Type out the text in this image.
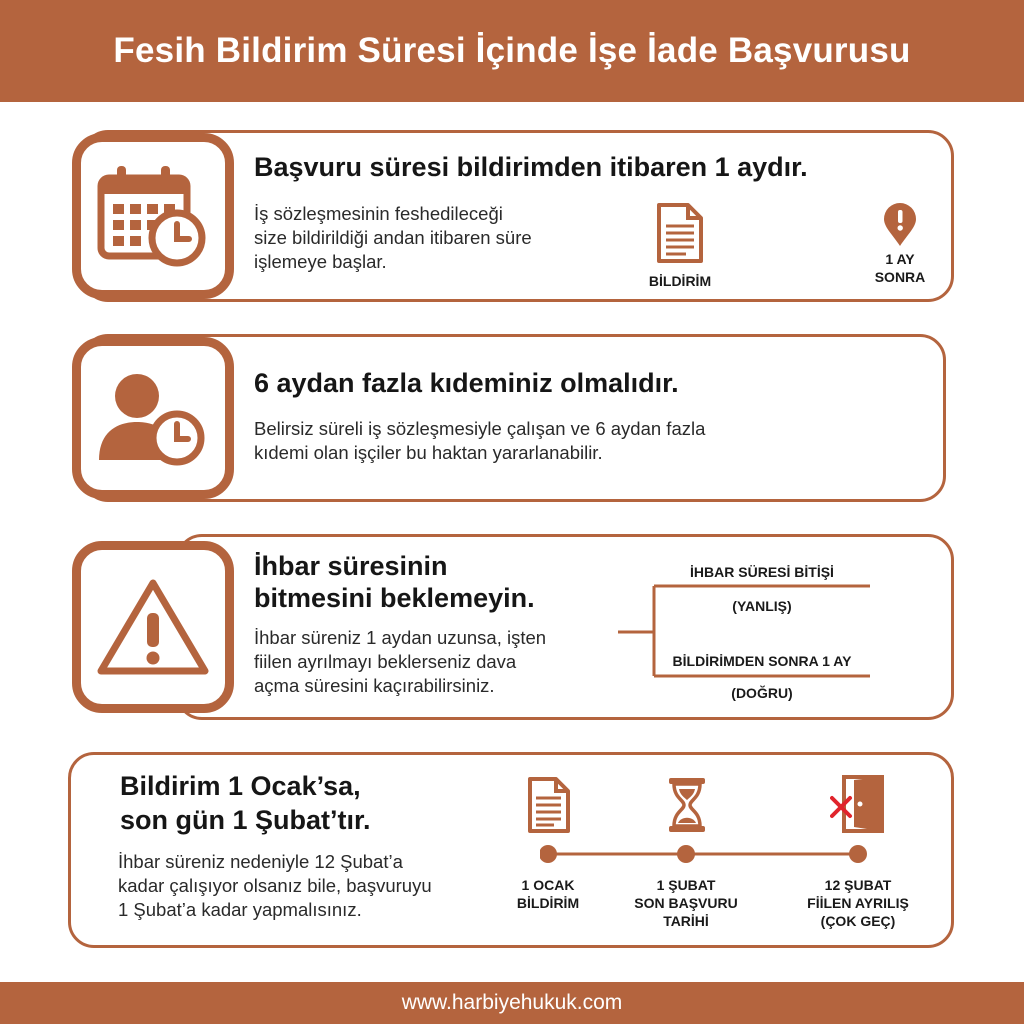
Fesih Bildirim Süresi İçinde İşe İade Başvurusu
Başvuru süresi bildirimden itibaren 1 aydır.
İş sözleşmesinin feshedileceği
size bildirildiği andan itibaren süre
işlemeye başlar.
BİLDİRİM
1 AY
SONRA
6 aydan fazla kıdeminiz olmalıdır.
Belirsiz süreli iş sözleşmesiyle çalışan ve 6 aydan fazla
kıdemi olan işçiler bu haktan yararlanabilir.
İhbar süresinin
bitmesini beklemeyin.
İhbar süreniz 1 aydan uzunsa, işten
fiilen ayrılmayı beklerseniz dava
açma süresini kaçırabilirsiniz.
İHBAR SÜRESİ BİTİŞİ
(YANLIŞ)
BİLDİRİMDEN SONRA 1 AY
(DOĞRU)
Bildirim 1 Ocak’sa,
son gün 1 Şubat’tır.
İhbar süreniz nedeniyle 12 Şubat’a
kadar çalışıyor olsanız bile, başvuruyu
1 Şubat’a kadar yapmalısınız.
1 OCAK
BİLDİRİM
1 ŞUBAT
SON BAŞVURU
TARİHİ
12 ŞUBAT
FİİLEN AYRILIŞ
(ÇOK GEÇ)
www.harbiyehukuk.com
